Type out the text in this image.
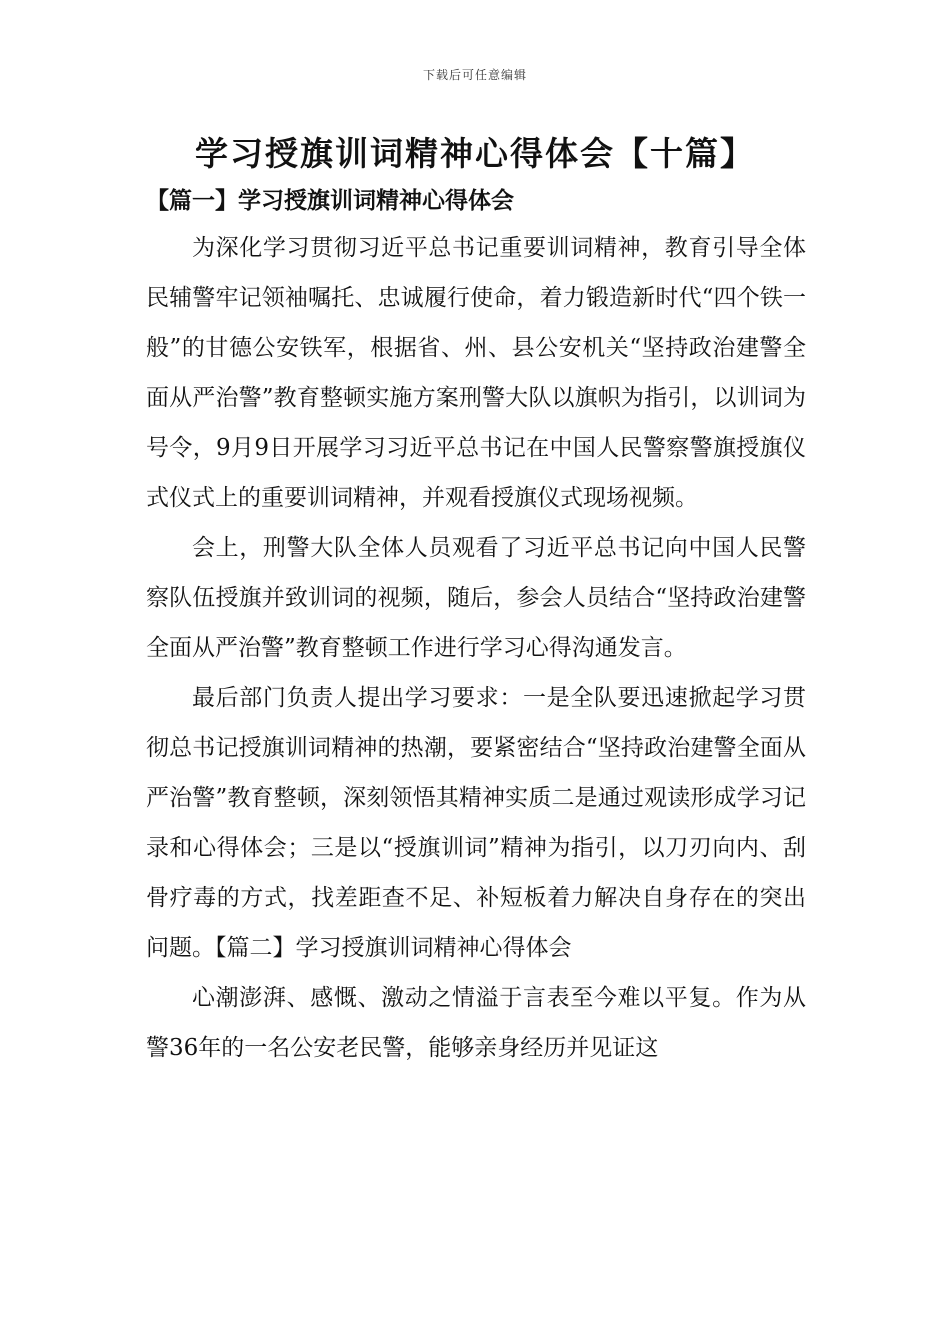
下载后可任意编辑
学习授旗训词精神心得体会【十篇】
【篇一】学习授旗训词精神心得体会

为深化学习贯彻习近平总书记重要训词精神，教育引导全体民辅警牢记领袖嘱托、忠诚履行使命，着力锻造新时代“四个铁一般”的甘德公安铁军，根据省、州、县公安机关“坚持政治建警全面从严治警”教育整顿实施方案刑警大队以旗帜为指引，以训词为号令，9月9日开展学习习近平总书记在中国人民警察警旗授旗仪式仪式上的重要训词精神，并观看授旗仪式现场视频。

会上，刑警大队全体人员观看了习近平总书记向中国人民警察队伍授旗并致训词的视频，随后，参会人员结合“坚持政治建警全面从严治警”教育整顿工作进行学习心得沟通发言。

最后部门负责人提出学习要求：一是全队要迅速掀起学习贯彻总书记授旗训词精神的热潮，要紧密结合“坚持政治建警全面从严治警”教育整顿，深刻领悟其精神实质二是通过观读形成学习记录和心得体会；三是以“授旗训词”精神为指引，以刀刃向内、刮骨疗毒的方式，找差距查不足、补短板着力解决自身存在的突出问题。【篇二】学习授旗训词精神心得体会

心潮澎湃、感慨、激动之情溢于言表至今难以平复。作为从警36年的一名公安老民警，能够亲身经历并见证这
